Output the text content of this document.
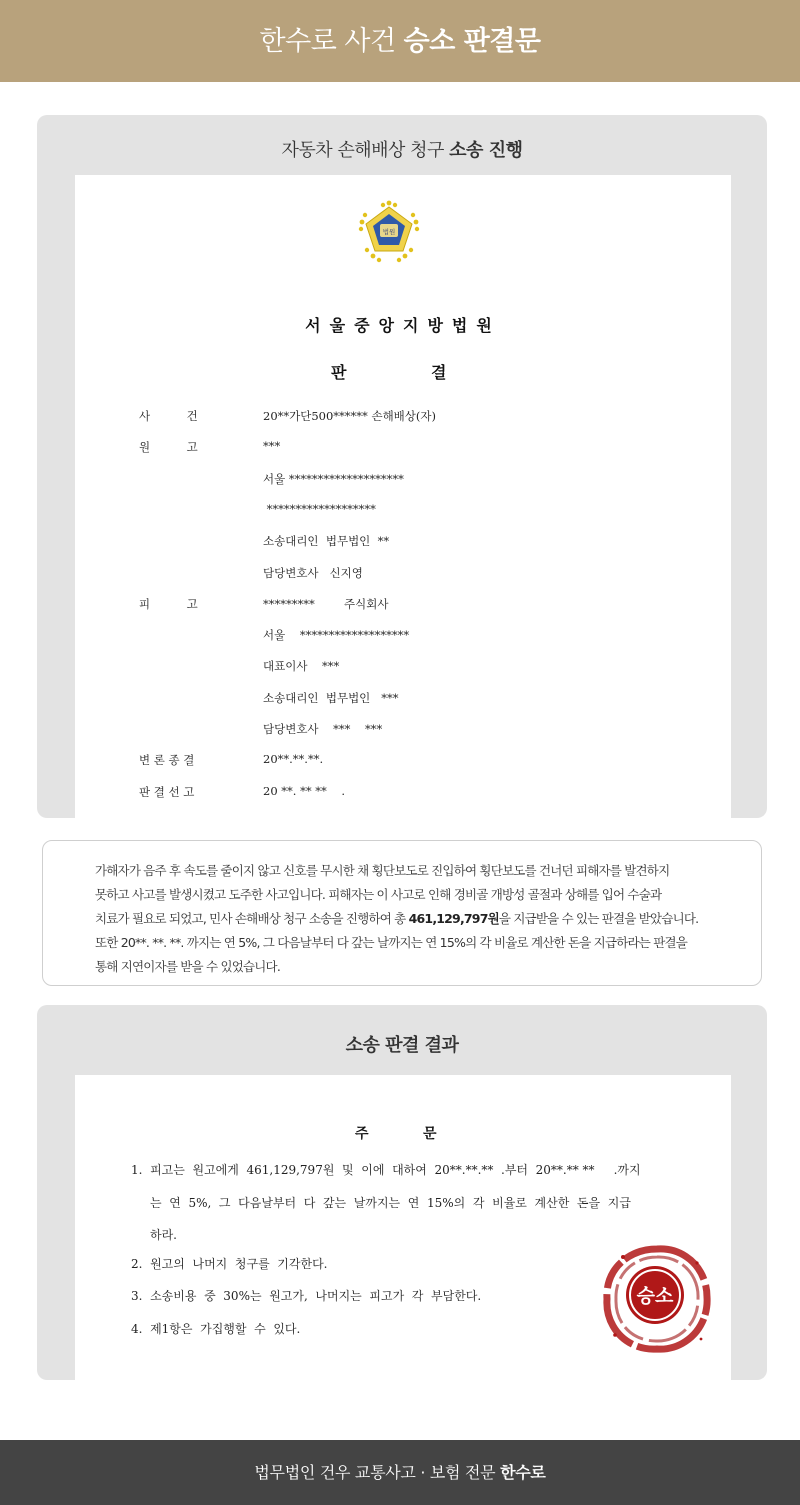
한수로 사건 승소 판결문
자동차 손해배상 청구 소송 진행
법원
서울중앙지방법원
판	결
사          건	20**가단500****** 손해배상(자)
원          고	***
서울 ********************
*******************
소송대리인  법무법인  **
담당변호사   신지영
피          고	*********        주식회사
서울    *******************
대표이사    ***
소송대리인  법무법인   ***
담당변호사    ***    ***
변 론 종 결	20**.**.**.
판 결 선 고	20 **. ** **    .

가해자가 음주 후 속도를 줄이지 않고 신호를 무시한 채 횡단보도로 진입하여 횡단보도를 건너던 피해자를 발견하지

못하고 사고를 발생시켰고 도주한 사고입니다. 피해자는 이 사고로 인해 경비골 개방성 골절과 상해를 입어 수술과

치료가 필요로 되었고, 민사 손해배상 청구 소송을 진행하여 총 461,129,797원을 지급받을 수 있는 판결을 받았습니다.

또한 20**. **. **. 까지는 연 5%, 그 다음날부터 다 갚는 날까지는 연 15%의 각 비율로 계산한 돈을 지급하라는 판결을

통해 지연이자를 받을 수 있었습니다.

소송 판결 결과
주	문
1.  피고는  원고에게  461,129,797원  및  이에  대하여  20**.**.**  .부터  20**.** **     .까지
는  연  5%,  그  다음날부터  다  갚는  날까지는  연  15%의  각  비율로  계산한  돈을  지급
하라.
2.  원고의  나머지  청구를  기각한다.
3.  소송비용  중  30%는  원고가,  나머지는  피고가  각  부담한다.
4.  제1항은  가집행할  수  있다.
승소
법무법인 건우 교통사고 · 보험 전문 한수로
